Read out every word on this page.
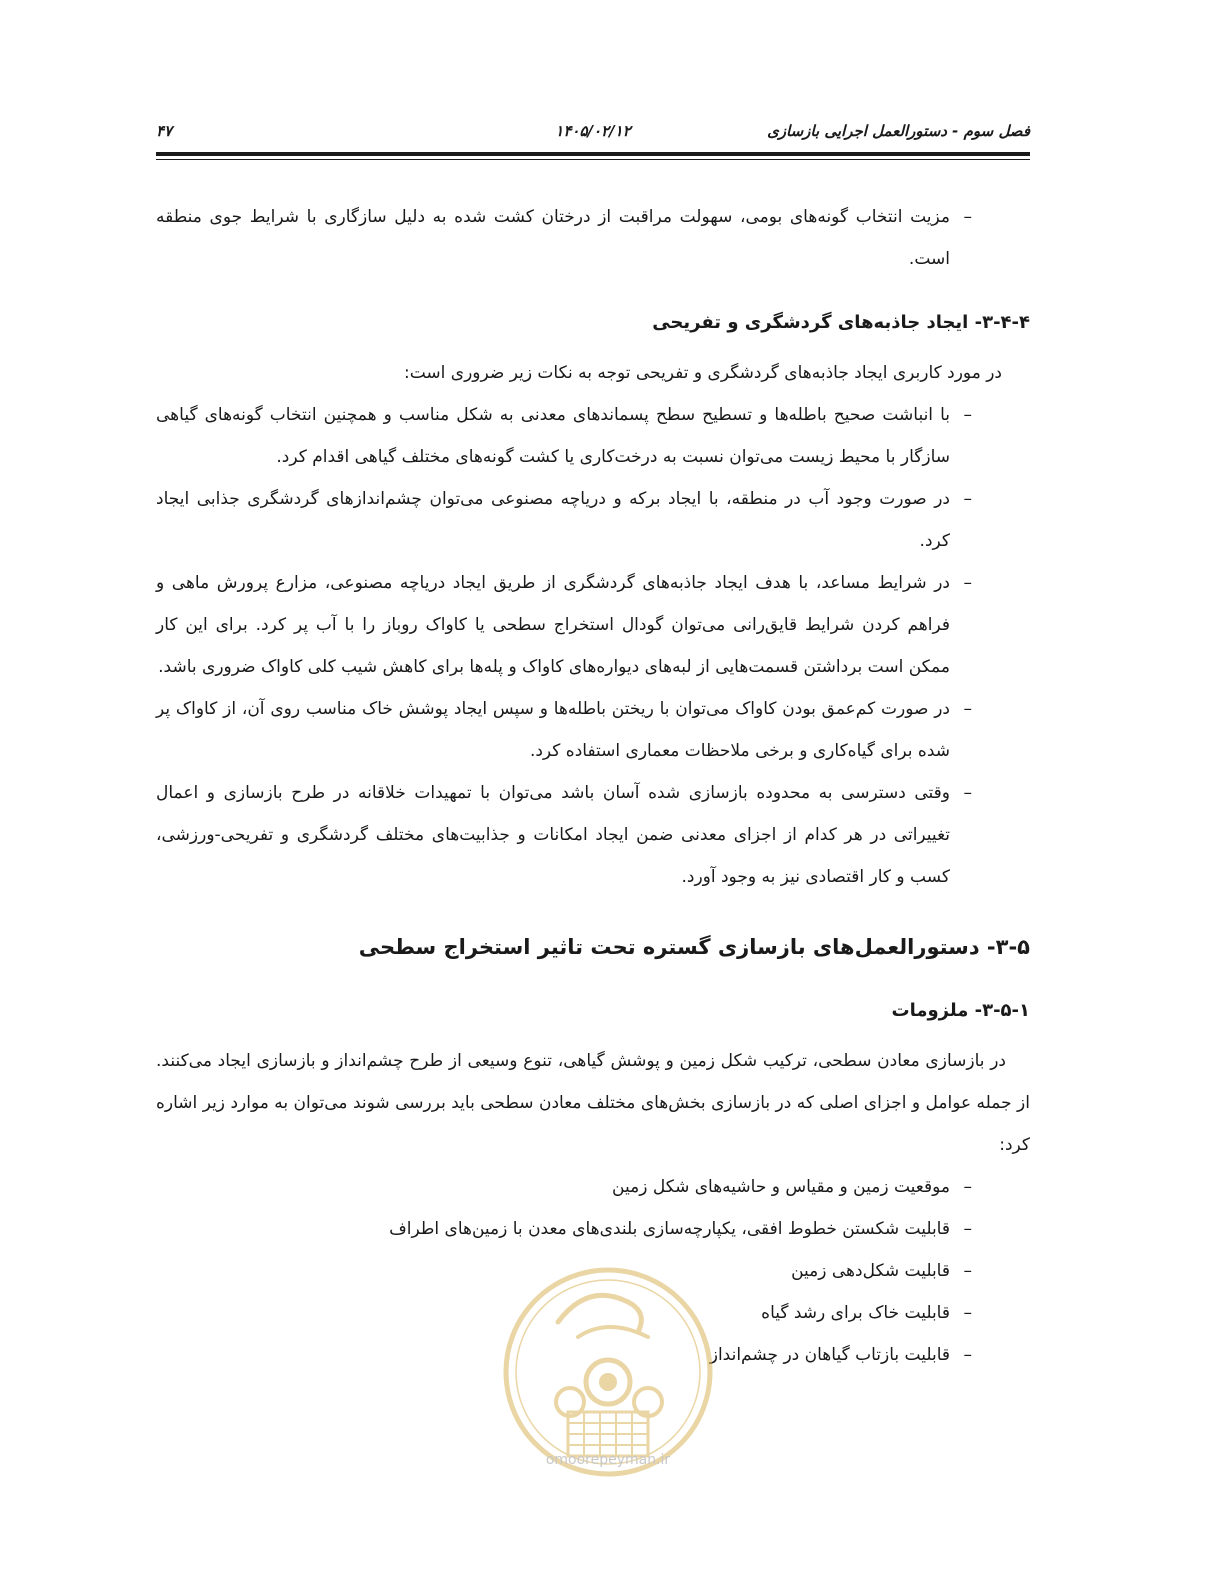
فصل سوم - دستورالعمل اجرایی بازسازی
۱۴۰۵/۰۲/۱۲
۴۷

–
مزیت انتخاب گونه‌های بومی، سهولت مراقبت از درختان کشت شده به دلیل سازگاری با شرایط جوی منطقه است.

۳-۴-۴- ایجاد جاذبه‌های گردشگری و تفریحی

در مورد کاربری ایجاد جاذبه‌های گردشگری و تفریحی توجه به نکات زیر ضروری است:

–
با انباشت صحیح باطله‌ها و تسطیح سطح پسماندهای معدنی به شکل مناسب و همچنین انتخاب گونه‌های گیاهی سازگار با محیط زیست می‌توان نسبت به درخت‌کاری یا کشت گونه‌های مختلف گیاهی اقدام کرد.

–
در صورت وجود آب در منطقه، با ایجاد برکه و دریاچه مصنوعی می‌توان چشم‌اندازهای گردشگری جذابی ایجاد کرد.

–
در شرایط مساعد، با هدف ایجاد جاذبه‌های گردشگری از طریق ایجاد دریاچه مصنوعی، مزارع پرورش ماهی و فراهم کردن شرایط قایق‌رانی می‌توان گودال استخراج سطحی یا کاواک روباز را با آب پر کرد. برای این کار ممکن است برداشتن قسمت‌هایی از لبه‌های دیواره‌های کاواک و پله‌ها برای کاهش شیب کلی کاواک ضروری باشد.

–
در صورت کم‌عمق بودن کاواک می‌توان با ریختن باطله‌ها و سپس ایجاد پوشش خاک مناسب روی آن، از کاواک پر شده برای گیاه‌کاری و برخی ملاحظات معماری استفاده کرد.

–
وقتی دسترسی به محدوده بازسازی شده آسان باشد می‌توان با تمهیدات خلاقانه در طرح بازسازی و اعمال تغییراتی در هر کدام از اجزای معدنی ضمن ایجاد امکانات و جذابیت‌های مختلف گردشگری و تفریحی-ورزشی، کسب و کار اقتصادی نیز به وجود آورد.

۳-۵- دستورالعمل‌های بازسازی گستره تحت تاثیر استخراج سطحی
۳-۵-۱- ملزومات

در بازسازی معادن سطحی، ترکیب شکل زمین و پوشش گیاهی، تنوع وسیعی از طرح چشم‌انداز و بازسازی ایجاد می‌کنند. از جمله عوامل و اجزای اصلی که در بازسازی بخش‌های مختلف معادن سطحی باید بررسی شوند می‌توان به موارد زیر اشاره کرد:

–
موقعیت زمین و مقیاس و حاشیه‌های شکل زمین

–
قابلیت شکستن خطوط افقی، یکپارچه‌سازی بلندی‌های معدن با زمین‌های اطراف

–
قابلیت شکل‌دهی زمین

–
قابلیت خاک برای رشد گیاه

–
قابلیت بازتاب گیاهان در چشم‌انداز

omoorepeyman.ir
